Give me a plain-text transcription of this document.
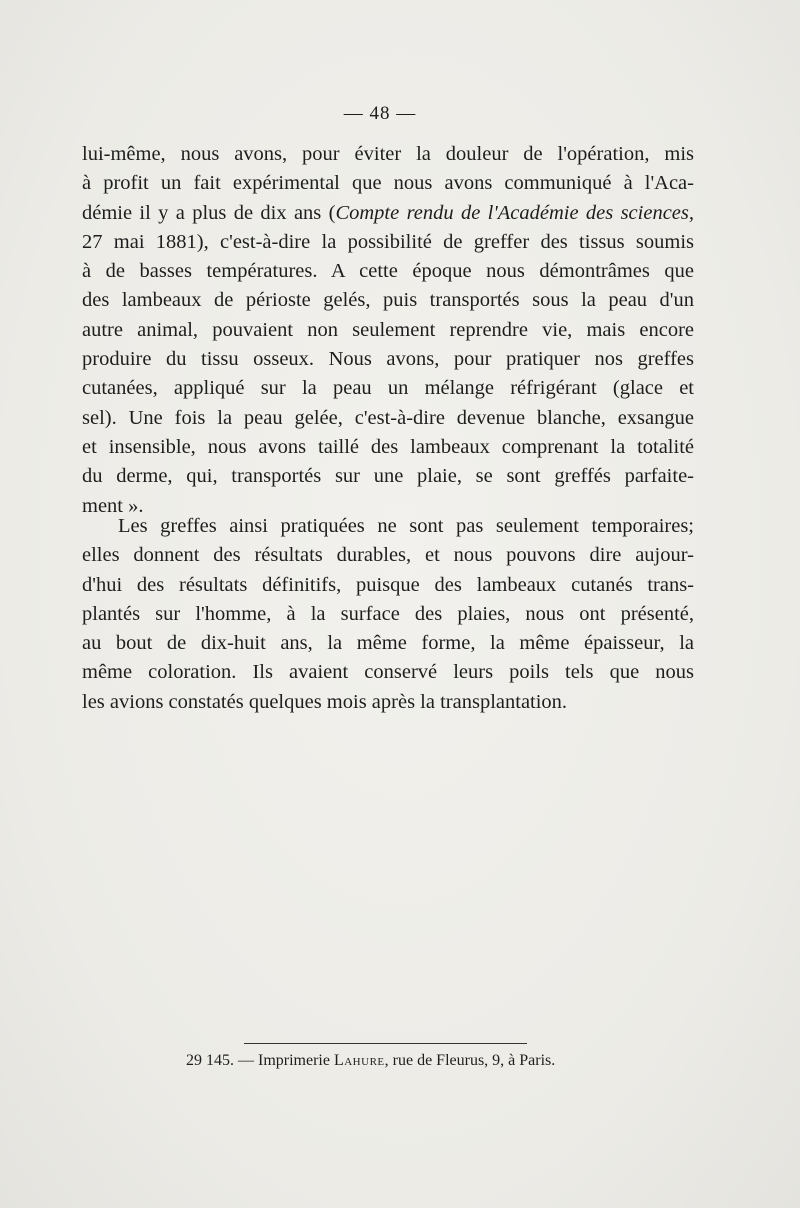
— 48 —
lui-même, nous avons, pour éviter la douleur de l'opération, mis
à profit un fait expérimental que nous avons communiqué à l'Aca-
démie il y a plus de dix ans (Compte rendu de l'Académie des sciences,
27 mai 1881), c'est-à-dire la possibilité de greffer des tissus soumis
à de basses températures. A cette époque nous démontrâmes que
des lambeaux de périoste gelés, puis transportés sous la peau d'un
autre animal, pouvaient non seulement reprendre vie, mais encore
produire du tissu osseux. Nous avons, pour pratiquer nos greffes
cutanées, appliqué sur la peau un mélange réfrigérant (glace et
sel). Une fois la peau gelée, c'est-à-dire devenue blanche, exsangue
et insensible, nous avons taillé des lambeaux comprenant la totalité
du derme, qui, transportés sur une plaie, se sont greffés parfaite-
ment ».
Les greffes ainsi pratiquées ne sont pas seulement temporaires;
elles donnent des résultats durables, et nous pouvons dire aujour-
d'hui des résultats définitifs, puisque des lambeaux cutanés trans-
plantés sur l'homme, à la surface des plaies, nous ont présenté,
au bout de dix-huit ans, la même forme, la même épaisseur, la
même coloration. Ils avaient conservé leurs poils tels que nous
les avions constatés quelques mois après la transplantation.
29 145. — Imprimerie Lahure, rue de Fleurus, 9, à Paris.
